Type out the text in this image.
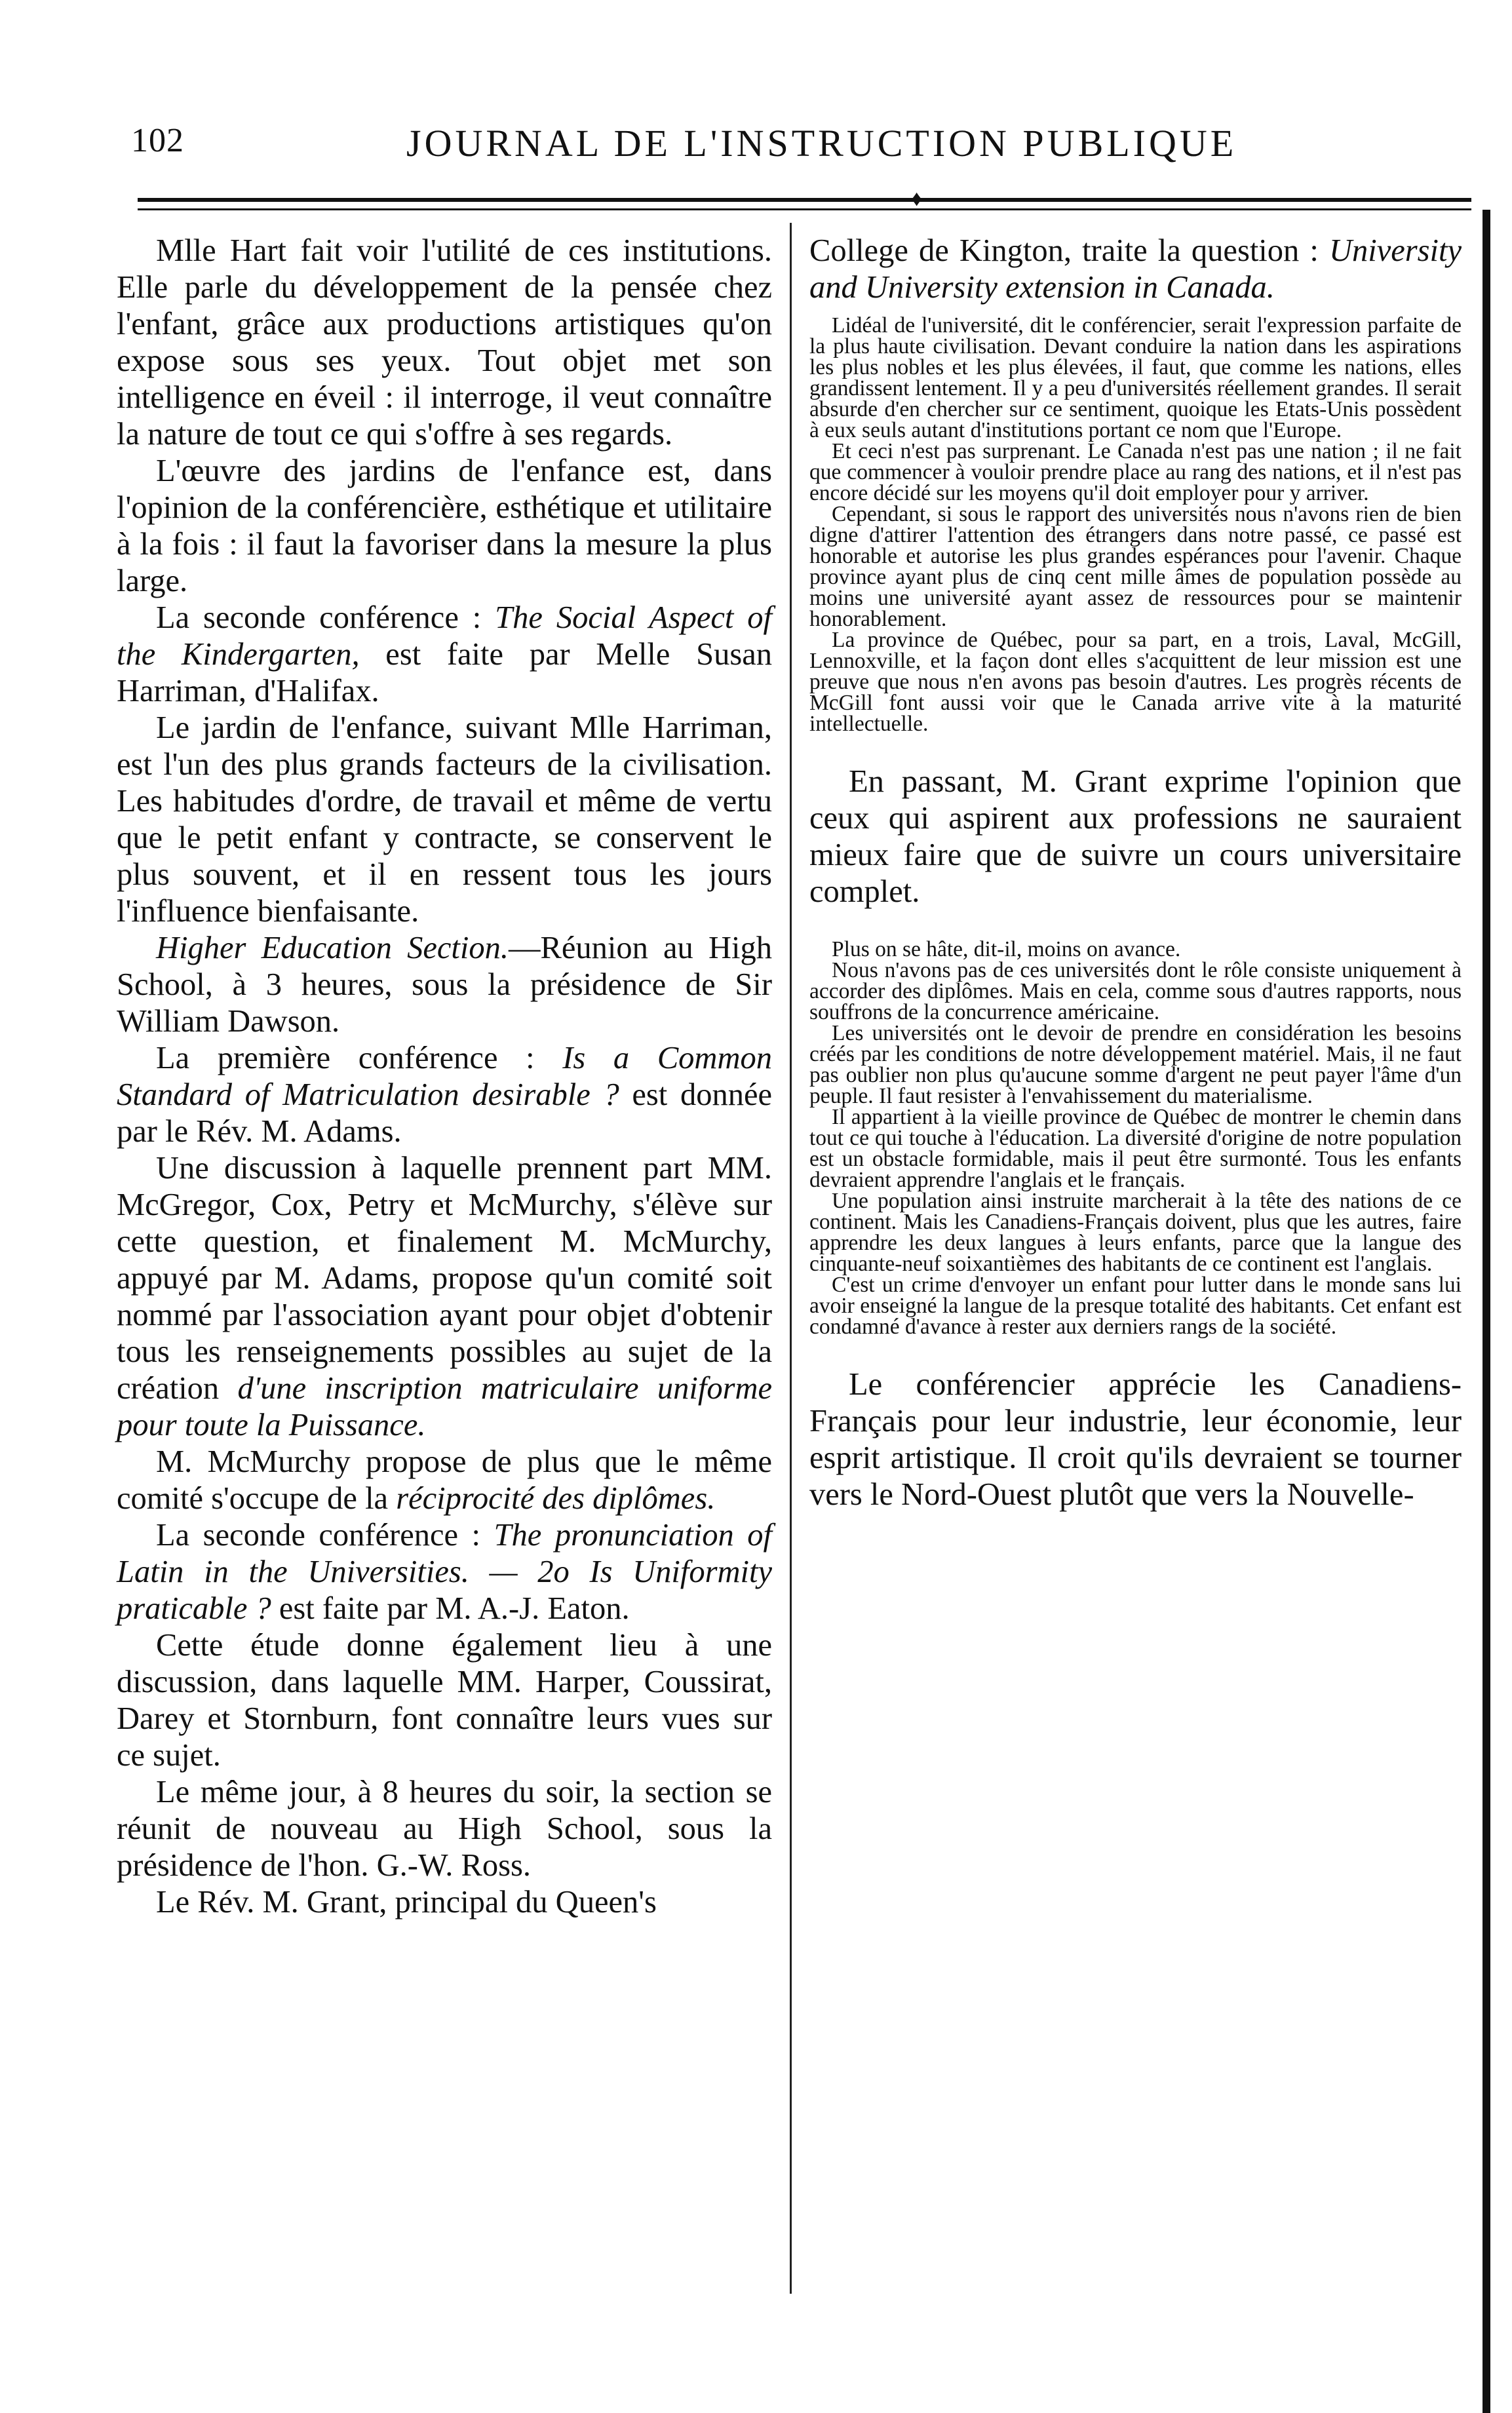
102	JOURNAL DE L'INSTRUCTION PUBLIQUE
♦

Mlle Hart fait voir l'utilité de ces institutions. Elle parle du développement de la pensée chez l'enfant, grâce aux productions artistiques qu'on expose sous ses yeux. Tout objet met son intelligence en éveil : il interroge, il veut connaître la nature de tout ce qui s'offre à ses regards.

L'œuvre des jardins de l'enfance est, dans l'opinion de la conférencière, esthétique et utilitaire à la fois : il faut la favoriser dans la mesure la plus large.

La seconde conférence : The Social Aspect of the Kindergarten, est faite par Melle Susan Harriman, d'Halifax.

Le jardin de l'enfance, suivant Mlle Harriman, est l'un des plus grands facteurs de la civilisation. Les habitudes d'ordre, de travail et même de vertu que le petit enfant y contracte, se conservent le plus souvent, et il en ressent tous les jours l'influence bienfaisante.

Higher Education Section.—Réunion au High School, à 3 heures, sous la présidence de Sir William Dawson.

La première conférence : Is a Common Standard of Matriculation desirable ? est donnée par le Rév. M. Adams.

Une discussion à laquelle prennent part MM. McGregor, Cox, Petry et McMurchy, s'élève sur cette question, et finalement M. McMurchy, appuyé par M. Adams, propose qu'un comité soit nommé par l'association ayant pour objet d'obtenir tous les renseignements possibles au sujet de la création d'une inscription matriculaire uniforme pour toute la Puissance.

M. McMurchy propose de plus que le même comité s'occupe de la réciprocité des diplômes.

La seconde conférence : The pronunciation of Latin in the Universities. — 2o Is Uniformity praticable ? est faite par M. A.-J. Eaton.

Cette étude donne également lieu à une discussion, dans laquelle MM. Harper, Coussirat, Darey et Stornburn, font connaître leurs vues sur ce sujet.

Le même jour, à 8 heures du soir, la section se réunit de nouveau au High School, sous la présidence de l'hon. G.-W. Ross.

Le Rév. M. Grant, principal du Queen's

College de Kington, traite la question : University and University extension in Canada.

Lidéal de l'université, dit le conférencier, serait l'expression parfaite de la plus haute civilisation. Devant conduire la nation dans les aspirations les plus nobles et les plus élevées, il faut, que comme les nations, elles grandissent lentement. Il y a peu d'universités réellement grandes. Il serait absurde d'en chercher sur ce sentiment, quoique les Etats-Unis possèdent à eux seuls autant d'institutions portant ce nom que l'Europe.

Et ceci n'est pas surprenant. Le Canada n'est pas une nation ; il ne fait que commencer à vouloir prendre place au rang des nations, et il n'est pas encore décidé sur les moyens qu'il doit employer pour y arriver.

Cependant, si sous le rapport des universités nous n'avons rien de bien digne d'attirer l'attention des étrangers dans notre passé, ce passé est honorable et autorise les plus grandes espérances pour l'avenir. Chaque province ayant plus de cinq cent mille âmes de population possède au moins une université ayant assez de ressources pour se maintenir honorablement.

La province de Québec, pour sa part, en a trois, Laval, McGill, Lennoxville, et la façon dont elles s'acquittent de leur mission est une preuve que nous n'en avons pas besoin d'autres. Les progrès récents de McGill font aussi voir que le Canada arrive vite à la maturité intellectuelle.

En passant, M. Grant exprime l'opinion que ceux qui aspirent aux professions ne sauraient mieux faire que de suivre un cours universitaire complet.

Plus on se hâte, dit-il, moins on avance.

Nous n'avons pas de ces universités dont le rôle consiste uniquement à accorder des diplômes. Mais en cela, comme sous d'autres rapports, nous souffrons de la concurrence américaine.

Les universités ont le devoir de prendre en considération les besoins créés par les conditions de notre développement matériel. Mais, il ne faut pas oublier non plus qu'aucune somme d'argent ne peut payer l'âme d'un peuple. Il faut resister à l'envahissement du materialisme.

Il appartient à la vieille province de Québec de montrer le chemin dans tout ce qui touche à l'éducation. La diversité d'origine de notre population est un obstacle formidable, mais il peut être surmonté. Tous les enfants devraient apprendre l'anglais et le français.

Une population ainsi instruite marcherait à la tête des nations de ce continent. Mais les Canadiens-Français doivent, plus que les autres, faire apprendre les deux langues à leurs enfants, parce que la langue des cinquante-neuf soixantièmes des habitants de ce continent est l'anglais.

C'est un crime d'envoyer un enfant pour lutter dans le monde sans lui avoir enseigné la langue de la presque totalité des habitants. Cet enfant est condamné d'avance à rester aux derniers rangs de la société.

Le conférencier apprécie les Canadiens-Français pour leur industrie, leur économie, leur esprit artistique. Il croit qu'ils devraient se tourner vers le Nord-Ouest plutôt que vers la Nouvelle-
